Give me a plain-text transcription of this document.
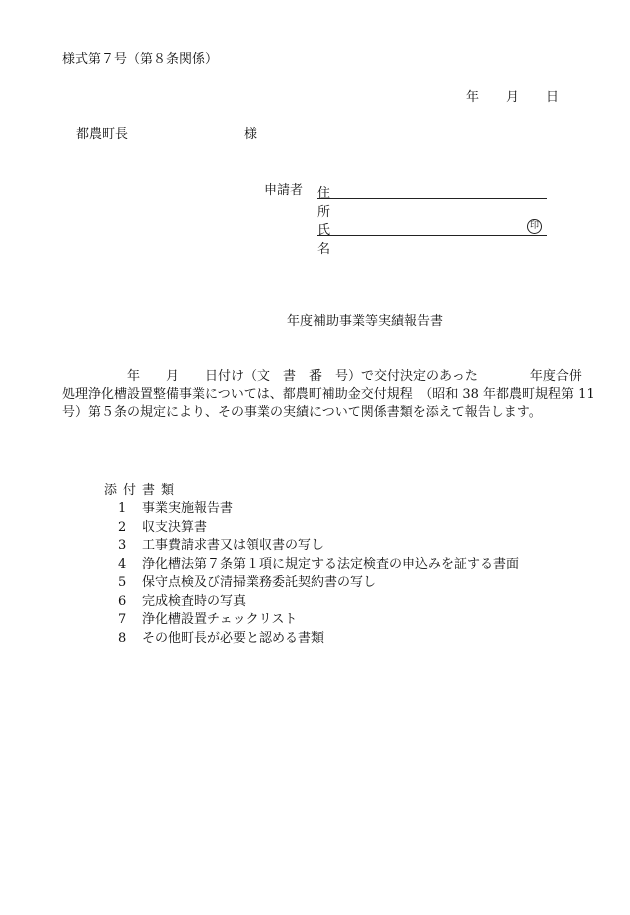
様式第７号（第８条関係）
年 月 日
都農町長	様
申請者 住　所
氏　名
印
年度補助事業等実績報告書
　　　　　年　　月　　日付け（文　書　番　号）で交付決定のあった　　　　年度合併
処理浄化槽設置整備事業については、都農町補助金交付規程　（昭和 38 年都農町規程第 11
号）第５条の規定により、その事業の実績について関係書類を添えて報告します。
添付書類
1 事業実施報告書
2 収支決算書
3 工事費請求書又は領収書の写し
4 浄化槽法第７条第１項に規定する法定検査の申込みを証する書面
5 保守点検及び清掃業務委託契約書の写し
6 完成検査時の写真
7 浄化槽設置チェックリスト
8 その他町長が必要と認める書類
